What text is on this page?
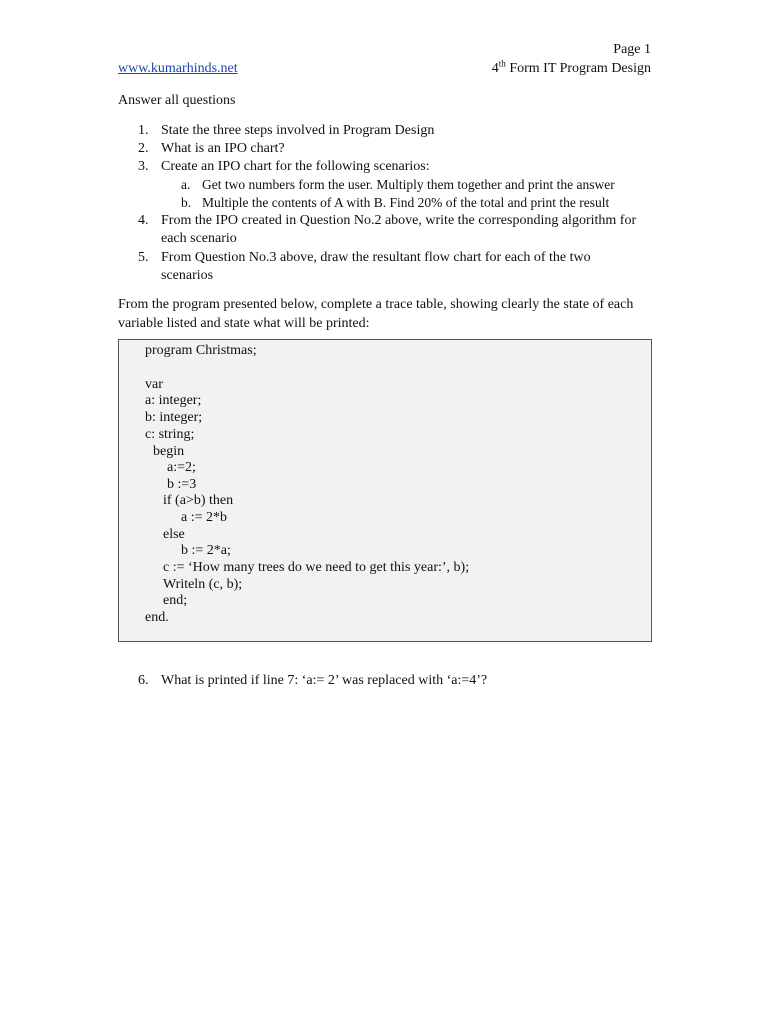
Page 1
www.kumarhinds.net	4th Form IT Program Design
Answer all questions
1. State the three steps involved in Program Design
2. What is an IPO chart?
3. Create an IPO chart for the following scenarios:
a. Get two numbers form the user. Multiply them together and print the answer
b. Multiple the contents of A with B. Find 20% of the total and print the result
4. From the IPO created in Question No.2 above, write the corresponding algorithm for each scenario
5. From Question No.3 above, draw the resultant flow chart for each of the two scenarios
From the program presented below, complete a trace table, showing clearly the state of each variable listed and state what will be printed:
program Christmas;
var
a: integer;
b: integer;
c: string;
begin
a:=2;
b :=3
if (a>b) then
a := 2*b
else
b := 2*a;
c := ‘How many trees do we need to get this year:’, b);
Writeln (c, b);
end;
end.
6. What is printed if line 7: ‘a:= 2’ was replaced with ‘a:=4’?
